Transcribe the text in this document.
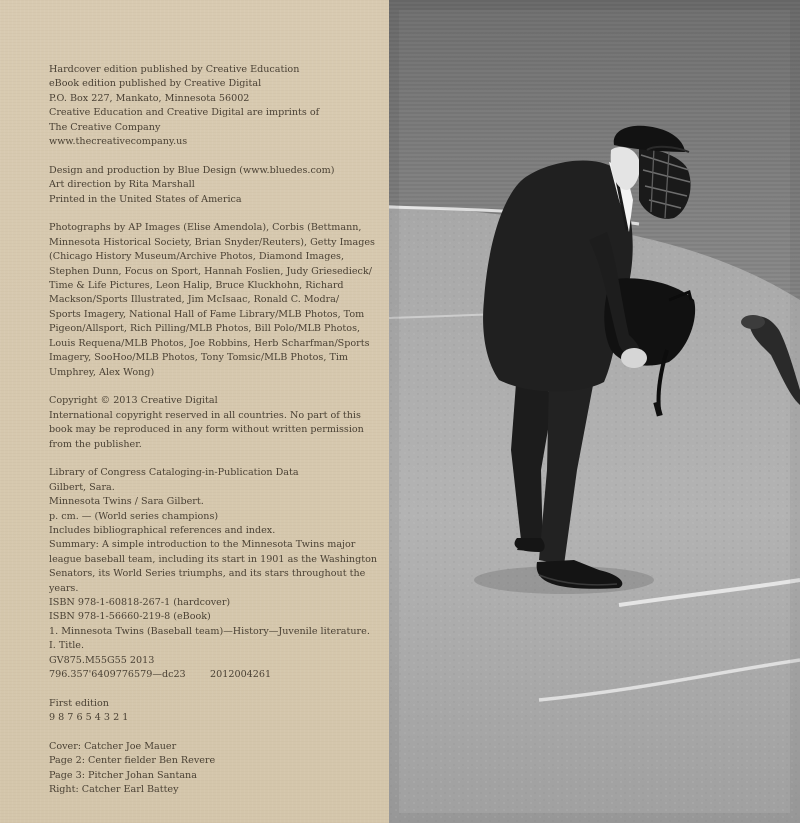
Hardcover edition published by Creative Education
eBook edition published by Creative Digital
P.O. Box 227, Mankato, Minnesota 56002
Creative Education and Creative Digital are imprints of
The Creative Company
www.thecreativecompany.us
Design and production by Blue Design (www.bluedes.com)
Art direction by Rita Marshall
Printed in the United States of America
Photographs by AP Images (Elise Amendola), Corbis (Bettmann,
Minnesota Historical Society, Brian Snyder/Reuters), Getty Images
(Chicago History Museum/Archive Photos, Diamond Images,
Stephen Dunn, Focus on Sport, Hannah Foslien, Judy Griesedieck/
Time & Life Pictures, Leon Halip, Bruce Kluckhohn, Richard
Mackson/Sports Illustrated, Jim McIsaac, Ronald C. Modra/
Sports Imagery, National Hall of Fame Library/MLB Photos, Tom
Pigeon/Allsport, Rich Pilling/MLB Photos, Bill Polo/MLB Photos,
Louis Requena/MLB Photos, Joe Robbins, Herb Scharfman/Sports
Imagery, SooHoo/MLB Photos, Tony Tomsic/MLB Photos, Tim
Umphrey, Alex Wong)
Copyright © 2013 Creative Digital
International copyright reserved in all countries. No part of this
book may be reproduced in any form without written permission
from the publisher.
Library of Congress Cataloging-in-Publication Data
Gilbert, Sara.
Minnesota Twins / Sara Gilbert.
p. cm. — (World series champions)
Includes bibliographical references and index.
Summary: A simple introduction to the Minnesota Twins major
league baseball team, including its start in 1901 as the Washington
Senators, its World Series triumphs, and its stars throughout the
years.
ISBN 978-1-60818-267-1 (hardcover)
ISBN 978-1-56660-219-8 (eBook)
1. Minnesota Twins (Baseball team)—History—Juvenile literature.
I. Title.
GV875.M55G55 2013
796.357'6409776579—dc23        2012004261
First edition
9 8 7 6 5 4 3 2 1
Cover: Catcher Joe Mauer
Page 2: Center fielder Ben Revere
Page 3: Pitcher Johan Santana
Right: Catcher Earl Battey
